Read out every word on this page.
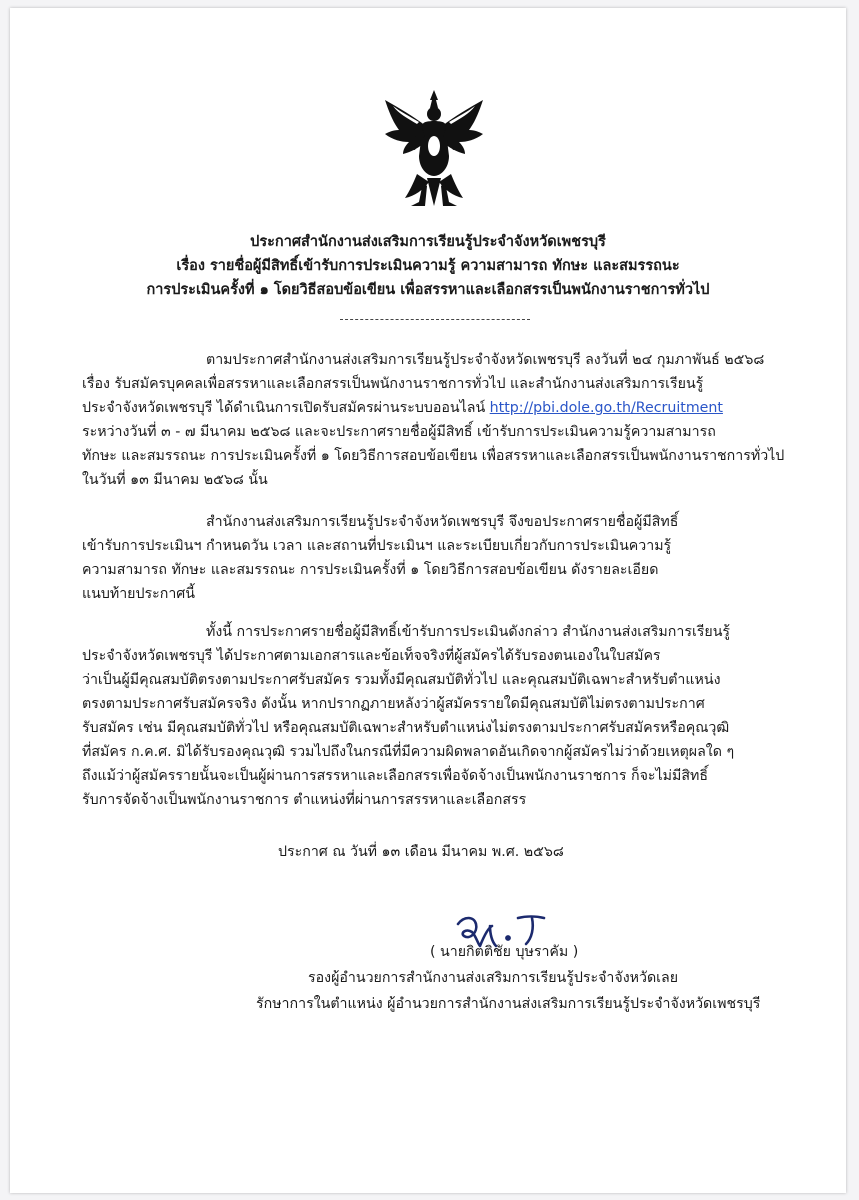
ประกาศสำนักงานส่งเสริมการเรียนรู้ประจำจังหวัดเพชรบุรี
เรื่อง รายชื่อผู้มีสิทธิ์เข้ารับการประเมินความรู้ ความสามารถ ทักษะ และสมรรถนะ
การประเมินครั้งที่ ๑ โดยวิธีสอบข้อเขียน เพื่อสรรหาและเลือกสรรเป็นพนักงานราชการทั่วไป
ตามประกาศสำนักงานส่งเสริมการเรียนรู้ประจำจังหวัดเพชรบุรี ลงวันที่ ๒๔ กุมภาพันธ์ ๒๕๖๘
เรื่อง รับสมัครบุคคลเพื่อสรรหาและเลือกสรรเป็นพนักงานราชการทั่วไป และสำนักงานส่งเสริมการเรียนรู้
ประจำจังหวัดเพชรบุรี ได้ดำเนินการเปิดรับสมัครผ่านระบบออนไลน์ http://pbi.dole.go.th/Recruitment
ระหว่างวันที่ ๓ - ๗ มีนาคม ๒๕๖๘ และจะประกาศรายชื่อผู้มีสิทธิ์ เข้ารับการประเมินความรู้ความสามารถ
ทักษะ และสมรรถนะ การประเมินครั้งที่ ๑ โดยวิธีการสอบข้อเขียน เพื่อสรรหาและเลือกสรรเป็นพนักงานราชการทั่วไป
ในวันที่ ๑๓ มีนาคม ๒๕๖๘ นั้น
สำนักงานส่งเสริมการเรียนรู้ประจำจังหวัดเพชรบุรี จึงขอประกาศรายชื่อผู้มีสิทธิ์
เข้ารับการประเมินฯ กำหนดวัน เวลา และสถานที่ประเมินฯ และระเบียบเกี่ยวกับการประเมินความรู้
ความสามารถ ทักษะ และสมรรถนะ การประเมินครั้งที่ ๑ โดยวิธีการสอบข้อเขียน ดังรายละเอียด
แนบท้ายประกาศนี้
ทั้งนี้ การประกาศรายชื่อผู้มีสิทธิ์เข้ารับการประเมินดังกล่าว สำนักงานส่งเสริมการเรียนรู้
ประจำจังหวัดเพชรบุรี ได้ประกาศตามเอกสารและข้อเท็จจริงที่ผู้สมัครได้รับรองตนเองในใบสมัคร
ว่าเป็นผู้มีคุณสมบัติตรงตามประกาศรับสมัคร รวมทั้งมีคุณสมบัติทั่วไป และคุณสมบัติเฉพาะสำหรับตำแหน่ง
ตรงตามประกาศรับสมัครจริง ดังนั้น หากปรากฏภายหลังว่าผู้สมัครรายใดมีคุณสมบัติไม่ตรงตามประกาศ
รับสมัคร เช่น มีคุณสมบัติทั่วไป หรือคุณสมบัติเฉพาะสำหรับตำแหน่งไม่ตรงตามประกาศรับสมัครหรือคุณวุฒิ
ที่สมัคร ก.ค.ศ. มิได้รับรองคุณวุฒิ รวมไปถึงในกรณีที่มีความผิดพลาดอันเกิดจากผู้สมัครไม่ว่าด้วยเหตุผลใด ๆ
ถึงแม้ว่าผู้สมัครรายนั้นจะเป็นผู้ผ่านการสรรหาและเลือกสรรเพื่อจัดจ้างเป็นพนักงานราชการ ก็จะไม่มีสิทธิ์
รับการจัดจ้างเป็นพนักงานราชการ ตำแหน่งที่ผ่านการสรรหาและเลือกสรร
ประกาศ ณ วันที่ ๑๓ เดือน มีนาคม พ.ศ. ๒๕๖๘
( นายกิตติชัย บุษราคัม )
รองผู้อำนวยการสำนักงานส่งเสริมการเรียนรู้ประจำจังหวัดเลย
รักษาการในตำแหน่ง ผู้อำนวยการสำนักงานส่งเสริมการเรียนรู้ประจำจังหวัดเพชรบุรี
